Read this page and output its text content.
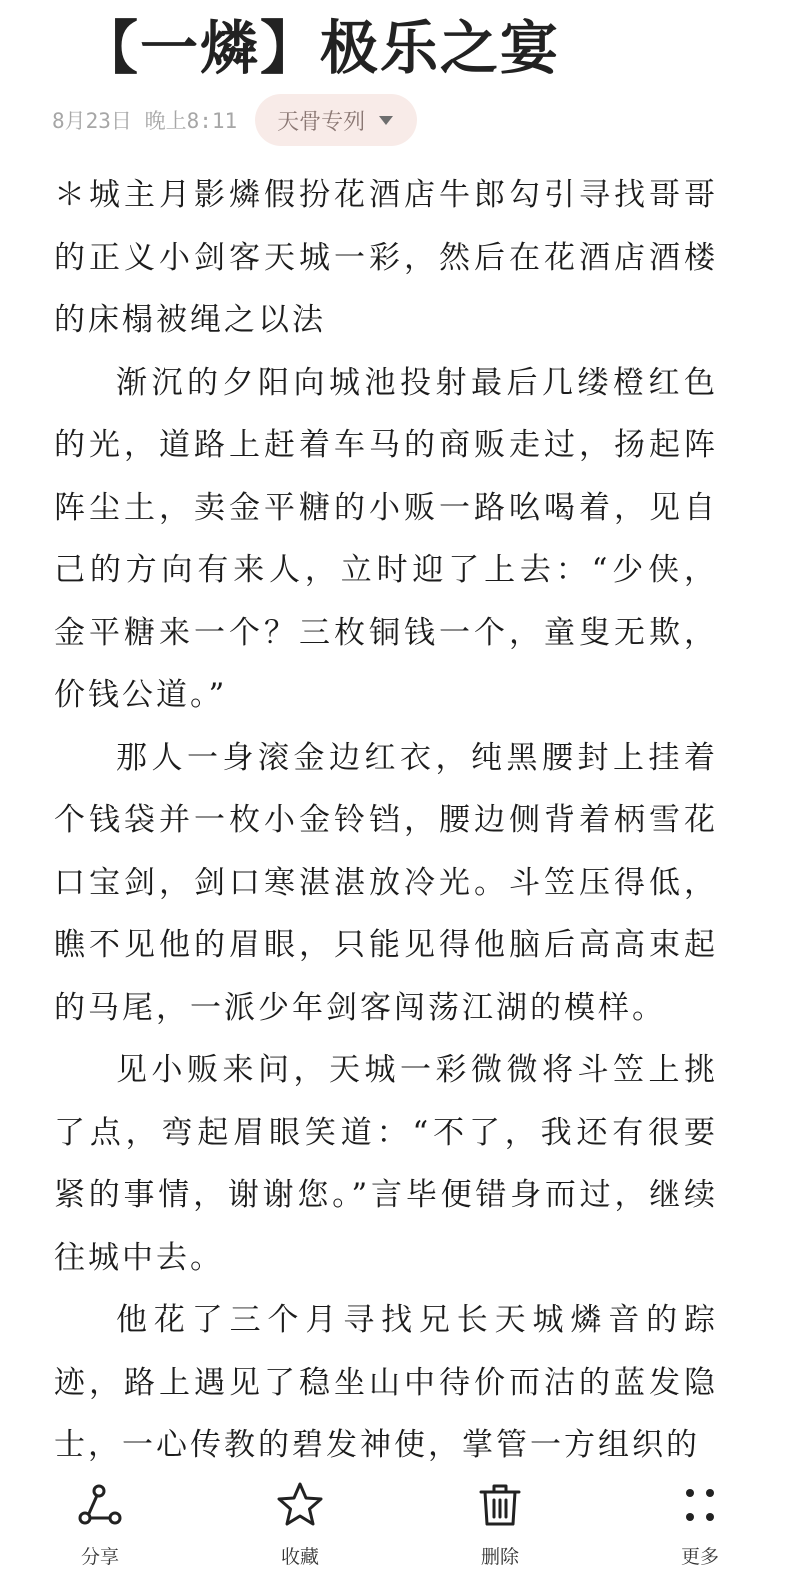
【一燐】极乐之宴
8月23日 晚上8:11 天骨专列

＊城主月影燐假扮花酒店牛郎勾引寻找哥哥的正义小剑客天城一彩，然后在花酒店酒楼的床榻被绳之以法

渐沉的夕阳向城池投射最后几缕橙红色的光，道路上赶着车马的商贩走过，扬起阵阵尘土，卖金平糖的小贩一路吆喝着，见自己的方向有来人，立时迎了上去：“少侠，金平糖来一个？三枚铜钱一个，童叟无欺，价钱公道。”

那人一身滚金边红衣，纯黑腰封上挂着个钱袋并一枚小金铃铛，腰边侧背着柄雪花口宝剑，剑口寒湛湛放冷光。斗笠压得低，瞧不见他的眉眼，只能见得他脑后高高束起的马尾，一派少年剑客闯荡江湖的模样。

见小贩来问，天城一彩微微将斗笠上挑了点，弯起眉眼笑道：“不了，我还有很要紧的事情，谢谢您。”言毕便错身而过，继续往城中去。

他花了三个月寻找兄长天城燐音的踪迹，路上遇见了稳坐山中待价而沽的蓝发隐士，一心传教的碧发神使，掌管一方组织的

分享	收藏	删除	更多
